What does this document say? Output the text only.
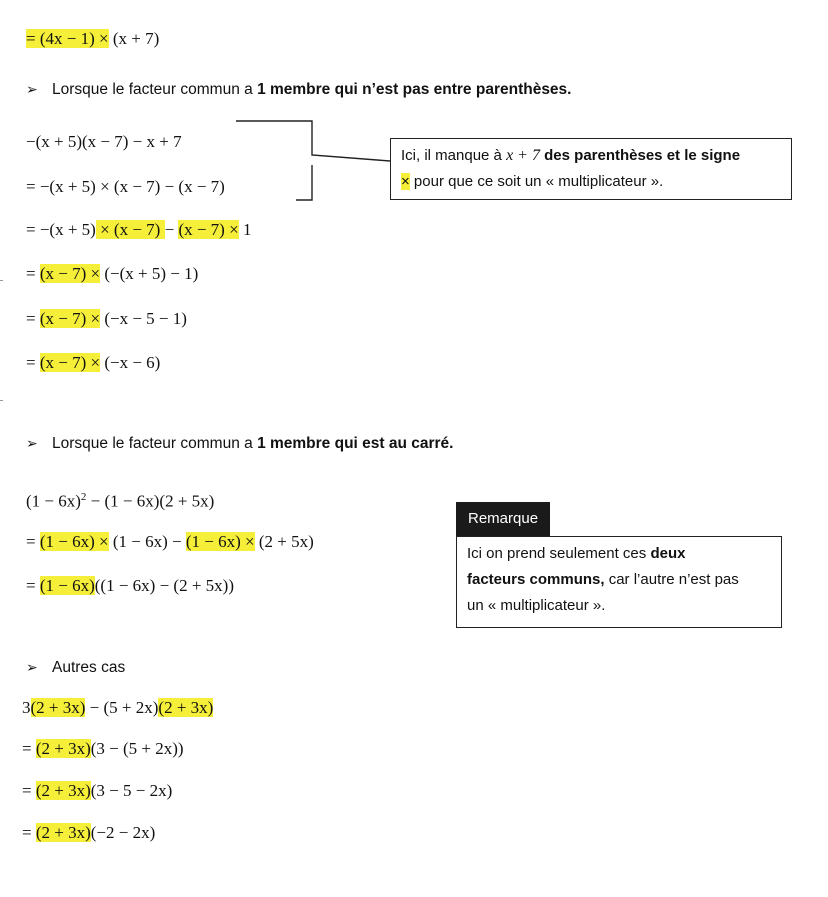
= (4x − 1) × (x + 7)
➢ Lorsque le facteur commun a 1 membre qui n’est pas entre parenthèses.
−(x + 5)(x − 7) − x + 7
= −(x + 5) × (x − 7) − (x − 7)
Ici, il manque à x + 7 des parenthèses et le signe
× pour que ce soit un « multiplicateur ».
= −(x + 5) × (x − 7) − (x − 7) × 1
= (x − 7) × (−(x + 5) − 1)
= (x − 7) × (−x − 5 − 1)
= (x − 7) × (−x − 6)
➢ Lorsque le facteur commun a 1 membre qui est au carré.
$(1 - 6x)^2 - (1 - 6x)(2 + 5x)$
= (1 − 6x) × (1 − 6x) − (1 − 6x) × (2 + 5x)
= (1 − 6x)((1 − 6x) − (2 + 5x))
Remarque
Ici on prend seulement ces deux
facteurs communs, car l’autre n’est pas
un « multiplicateur ».
➢ Autres cas
3(2 + 3x) − (5 + 2x)(2 + 3x)
= (2 + 3x)(3 − (5 + 2x))
= (2 + 3x)(3 − 5 − 2x)
= (2 + 3x)(−2 − 2x)
